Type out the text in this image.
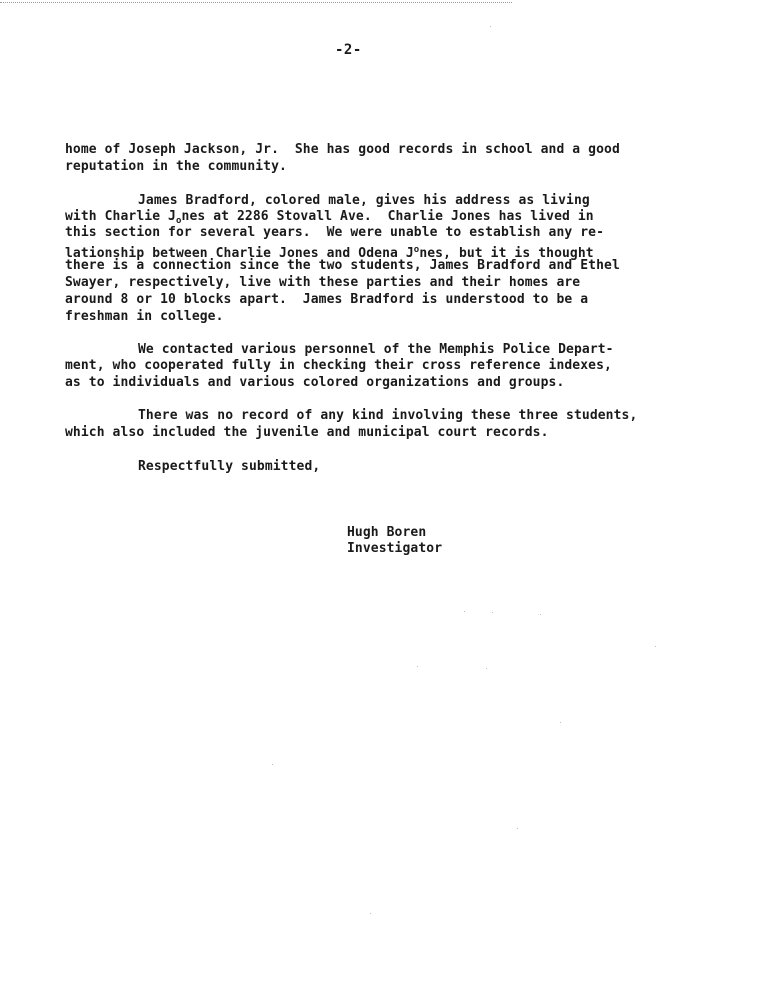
-2-
home of Joseph Jackson, Jr.  She has good records in school and a good
reputation in the community.
James Bradford, colored male, gives his address as living
with Charlie $J_ones$ at 2286 Stovall Ave.  Charlie Jones has lived in
this section for several years.  We were unable to establish any re-
lationship between Charlie Jones and Odena $J^ones$, but it is thought
there is a connection since the two students, James Bradford and Ethel
Swayer, respectively, live with these parties and their homes are
around 8 or 10 blocks apart.  James Bradford is understood to be a
freshman in college.
We contacted various personnel of the Memphis Police Depart-
ment, who cooperated fully in checking their cross reference indexes,
as to individuals and various colored organizations and groups.
There was no record of any kind involving these three students,
which also included the juvenile and municipal court records.
Respectfully submitted,
Hugh Boren
Investigator
